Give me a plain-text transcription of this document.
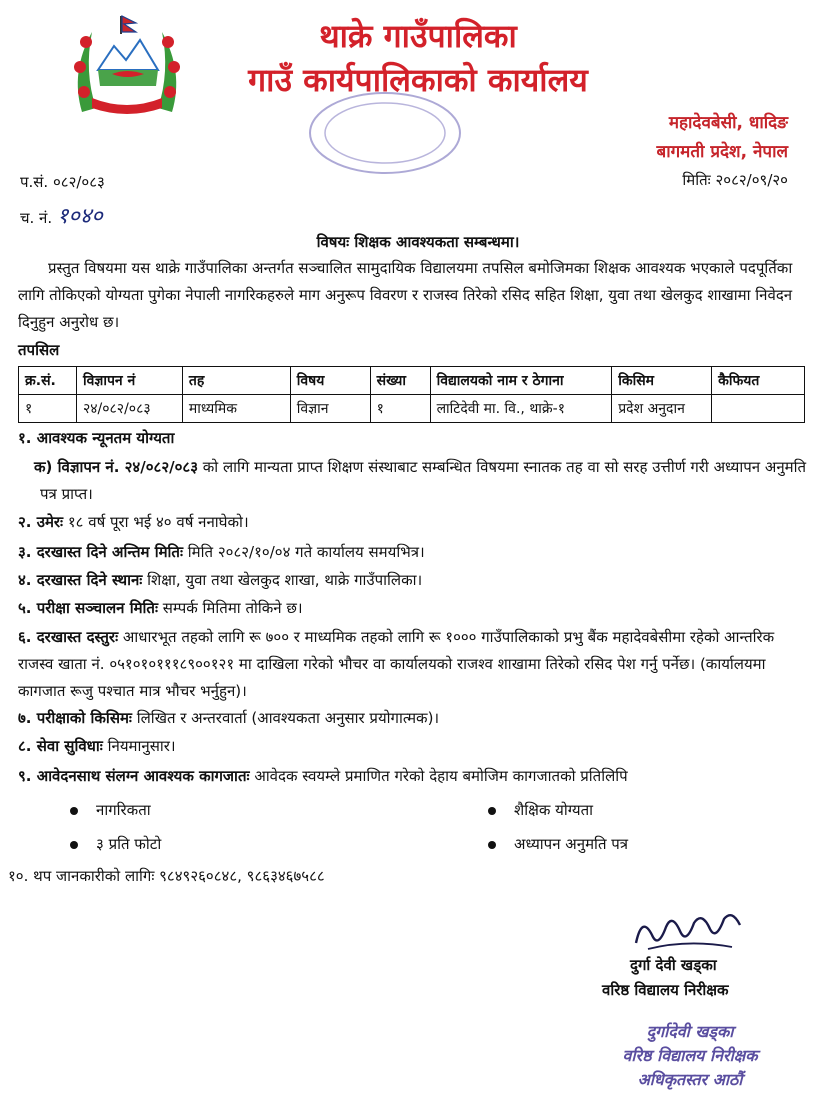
थाक्रे गाउँपालिका
गाउँ कार्यपालिकाको कार्यालय
महादेवबेसी, धादिङ
बागमती प्रदेश, नेपाल
प.सं. ०८२/०८३
च. नं. १०४०
मितिः २०८२/०९/२०
विषयः शिक्षक आवश्यकता सम्बन्धमा।
प्रस्तुत विषयमा यस थाक्रे गाउँपालिका अन्तर्गत सञ्चालित सामुदायिक विद्यालयमा तपसिल बमोजिमका शिक्षक आवश्यक भएकाले पदपूर्तिका लागि तोकिएको योग्यता पुगेका नेपाली नागरिकहरुले माग अनुरूप विवरण र राजस्व तिरेको रसिद सहित शिक्षा, युवा तथा खेलकुद शाखामा निवेदन दिनुहुन अनुरोध छ।
तपसिल
क्र.सं.	विज्ञापन नं	तह	विषय	संख्या	विद्यालयको नाम र ठेगाना	किसिम	कैफियत
१	२४/०८२/०८३	माध्यमिक	विज्ञान	१	लाटिदेवी मा. वि., थाक्रे-१	प्रदेश अनुदान	
१. आवश्यक न्यूनतम योग्यता
क) विज्ञापन नं. २४/०८२/०८३ को लागि मान्यता प्राप्त शिक्षण संस्थाबाट सम्बन्धित विषयमा स्नातक तह वा सो सरह उत्तीर्ण गरी अध्यापन अनुमति पत्र प्राप्त।
२. उमेरः १८ वर्ष पूरा भई ४० वर्ष ननाघेको।
३. दरखास्त दिने अन्तिम मितिः मिति २०८२/१०/०४ गते कार्यालय समयभित्र।
४. दरखास्त दिने स्थानः शिक्षा, युवा तथा खेलकुद शाखा, थाक्रे गाउँपालिका।
५. परीक्षा सञ्चालन मितिः सम्पर्क मितिमा तोकिने छ।
६. दरखास्त दस्तुरः आधारभूत तहको लागि रू ७०० र माध्यमिक तहको लागि रू १००० गाउँपालिकाको प्रभु बैंक महादेवबेसीमा रहेको आन्तरिक राजस्व खाता नं. ०५१०१०१११८९००१२१ मा दाखिला गरेको भौचर वा कार्यालयको राजश्व शाखामा तिरेको रसिद पेश गर्नु पर्नेछ। (कार्यालयमा कागजात रूजु पश्चात मात्र भौचर भर्नुहुन)।
७. परीक्षाको किसिमः लिखित र अन्तरवार्ता (आवश्यकता अनुसार प्रयोगात्मक)।
८. सेवा सुविधाः नियमानुसार।
९. आवेदनसाथ संलग्न आवश्यक कागजातः आवेदक स्वयम्ले प्रमाणित गरेको देहाय बमोजिम कागजातको प्रतिलिपि
नागरिकता	शैक्षिक योग्यता
३ प्रति फोटो	अध्यापन अनुमति पत्र
१०. थप जानकारीको लागिः ९८४९२६०८४८, ९८६३४६७५८८
दुर्गा देवी खड्का
वरिष्ठ विद्यालय निरीक्षक
दुर्गादेवी खड्का
वरिष्ठ विद्यालय निरीक्षक
अधिकृतस्तर आठौं
